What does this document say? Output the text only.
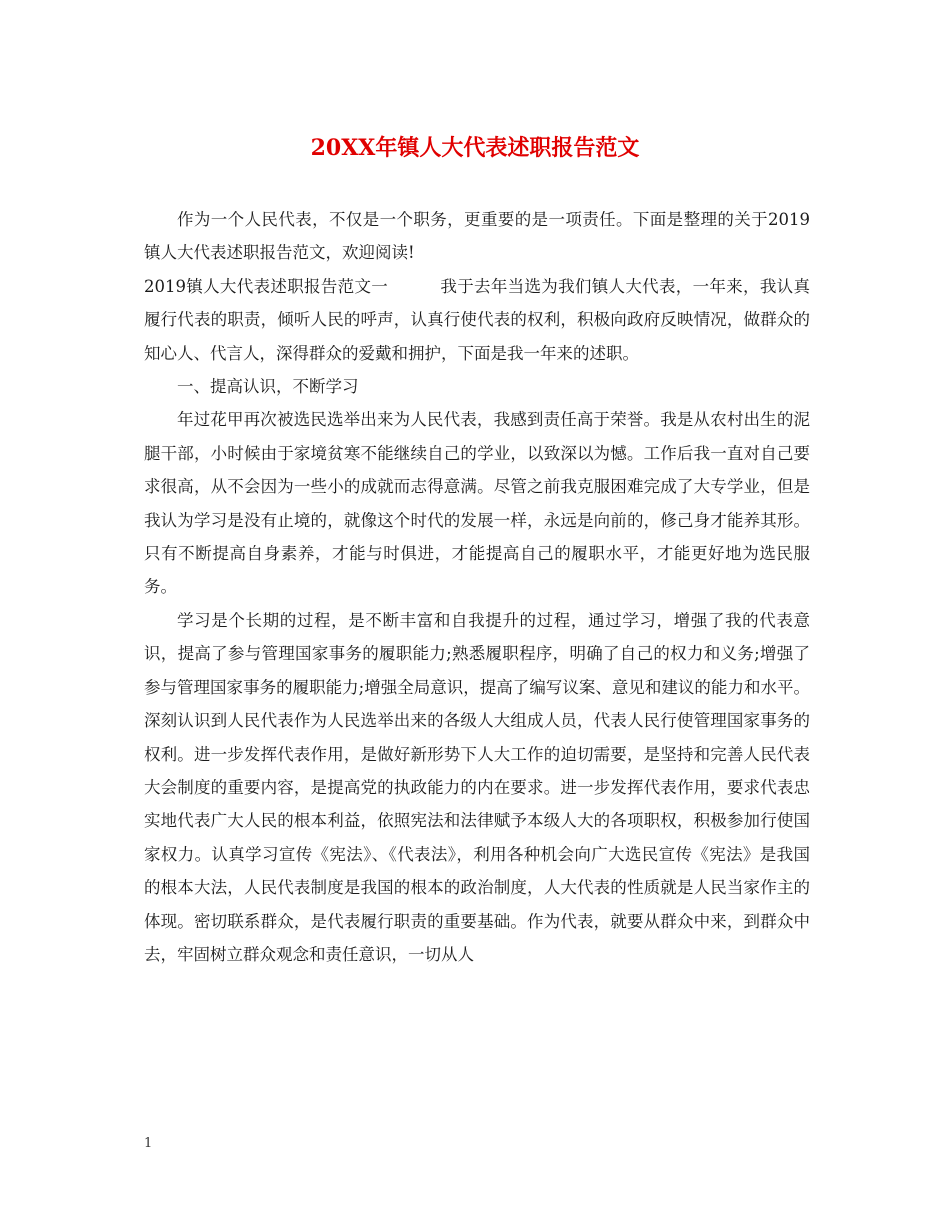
20XX年镇人大代表述职报告范文

作为一个人民代表，不仅是一个职务，更重要的是一项责任。下面是整理的关于2019镇人大代表述职报告范文，欢迎阅读!

2019镇人大代表述职报告范文一	我于去年当选为我们镇人大代表，一年来，我认真履行代表的职责，倾听人民的呼声，认真行使代表的权利，积极向政府反映情况，做群众的知心人、代言人，深得群众的爱戴和拥护，下面是我一年来的述职。

一、提高认识，不断学习

年过花甲再次被选民选举出来为人民代表，我感到责任高于荣誉。我是从农村出生的泥腿干部，小时候由于家境贫寒不能继续自己的学业，以致深以为憾。工作后我一直对自己要求很高，从不会因为一些小的成就而志得意满。尽管之前我克服困难完成了大专学业，但是我认为学习是没有止境的，就像这个时代的发展一样，永远是向前的，修己身才能养其形。只有不断提高自身素养，才能与时俱进，才能提高自己的履职水平，才能更好地为选民服务。

学习是个长期的过程，是不断丰富和自我提升的过程，通过学习，增强了我的代表意识，提高了参与管理国家事务的履职能力;熟悉履职程序，明确了自己的权力和义务;增强了参与管理国家事务的履职能力;增强全局意识，提高了编写议案、意见和建议的能力和水平。深刻认识到人民代表作为人民选举出来的各级人大组成人员，代表人民行使管理国家事务的权利。进一步发挥代表作用，是做好新形势下人大工作的迫切需要，是坚持和完善人民代表大会制度的重要内容，是提高党的执政能力的内在要求。进一步发挥代表作用，要求代表忠实地代表广大人民的根本利益，依照宪法和法律赋予本级人大的各项职权，积极参加行使国家权力。认真学习宣传《宪法》、《代表法》，利用各种机会向广大选民宣传《宪法》是我国的根本大法，人民代表制度是我国的根本的政治制度，人大代表的性质就是人民当家作主的体现。密切联系群众，是代表履行职责的重要基础。作为代表，就要从群众中来，到群众中去，牢固树立群众观念和责任意识，一切从人

1
